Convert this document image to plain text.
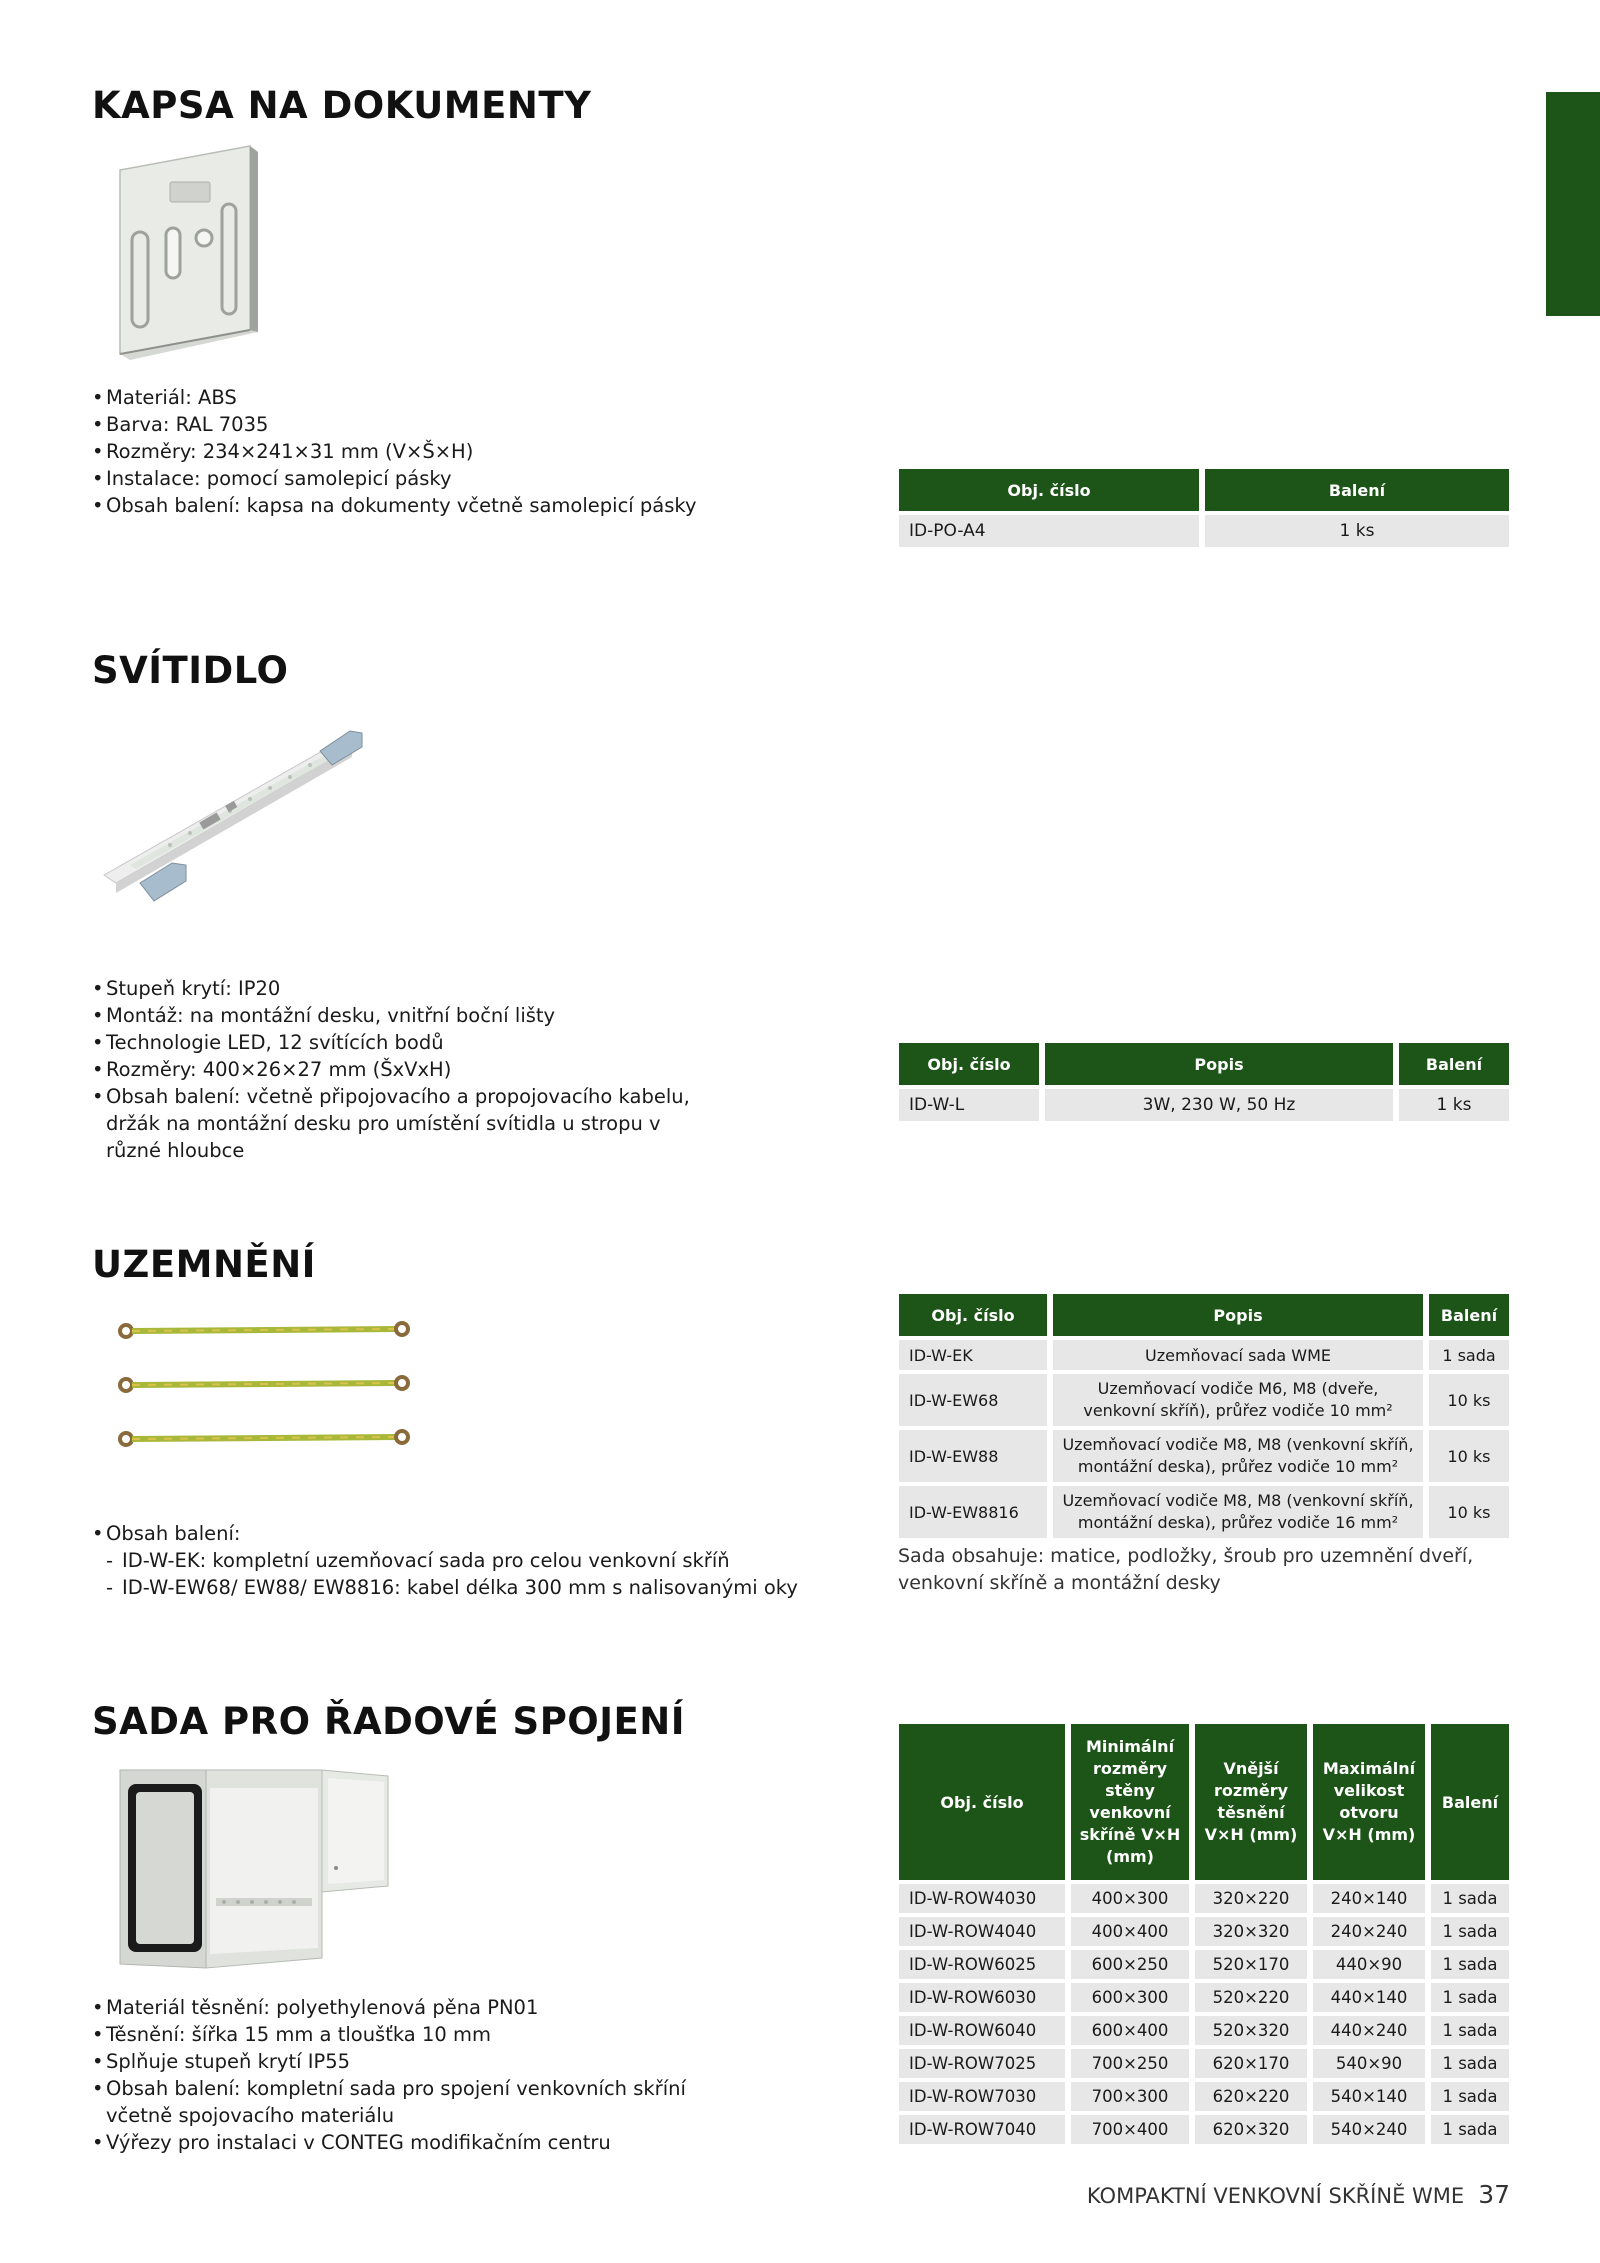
KAPSA NA DOKUMENTY
• Materiál: ABS
• Barva: RAL 7035
• Rozměry: 234×241×31 mm (V×Š×H)
• Instalace: pomocí samolepicí pásky
• Obsah balení: kapsa na dokumenty včetně samolepicí pásky
Obj. číslo	Balení
ID-PO-A4	1 ks
SVÍTIDLO
• Stupeň krytí: IP20
• Montáž: na montážní desku, vnitřní boční lišty
• Technologie LED, 12 svítících bodů
• Rozměry: 400×26×27 mm (ŠxVxH)
• Obsah balení: včetně připojovacího a propojovacího kabelu, držák na montážní desku pro umístění svítidla u stropu v různé hloubce
Obj. číslo	Popis	Balení
ID-W-L	3W, 230 W, 50 Hz	1 ks
UZEMNĚNÍ
• Obsah balení:
- ID-W-EK: kompletní uzemňovací sada pro celou venkovní skříň
- ID-W-EW68/ EW88/ EW8816: kabel délka 300 mm s nalisovanými oky
Obj. číslo	Popis	Balení
ID-W-EK	Uzemňovací sada WME	1 sada
ID-W-EW68	Uzemňovací vodiče M6, M8 (dveře,
venkovní skříň), průřez vodiče 10 mm²	10 ks
ID-W-EW88	Uzemňovací vodiče M8, M8 (venkovní skříň,
montážní deska), průřez vodiče 10 mm²	10 ks
ID-W-EW8816	Uzemňovací vodiče M8, M8 (venkovní skříň,
montážní deska), průřez vodiče 16 mm²	10 ks

Sada obsahuje: matice, podložky, šroub pro uzemnění dveří, venkovní skříně a montážní desky

SADA PRO ŘADOVÉ SPOJENÍ
• Materiál těsnění: polyethylenová pěna PN01
• Těsnění: šířka 15 mm a tloušťka 10 mm
• Splňuje stupeň krytí IP55
• Obsah balení: kompletní sada pro spojení venkovních skříní včetně spojovacího materiálu
• Výřezy pro instalaci v CONTEG modifikačním centru
Obj. číslo	Minimální rozměry stěny venkovní skříně V×H (mm)	Vnější rozměry těsnění V×H (mm)	Maximální velikost otvoru V×H (mm)	Balení
ID-W-ROW4030	400×300	320×220	240×140	1 sada
ID-W-ROW4040	400×400	320×320	240×240	1 sada
ID-W-ROW6025	600×250	520×170	440×90	1 sada
ID-W-ROW6030	600×300	520×220	440×140	1 sada
ID-W-ROW6040	600×400	520×320	440×240	1 sada
ID-W-ROW7025	700×250	620×170	540×90	1 sada
ID-W-ROW7030	700×300	620×220	540×140	1 sada
ID-W-ROW7040	700×400	620×320	540×240	1 sada
KOMPAKTNÍ VENKOVNÍ SKŘÍNĚ WME 37
